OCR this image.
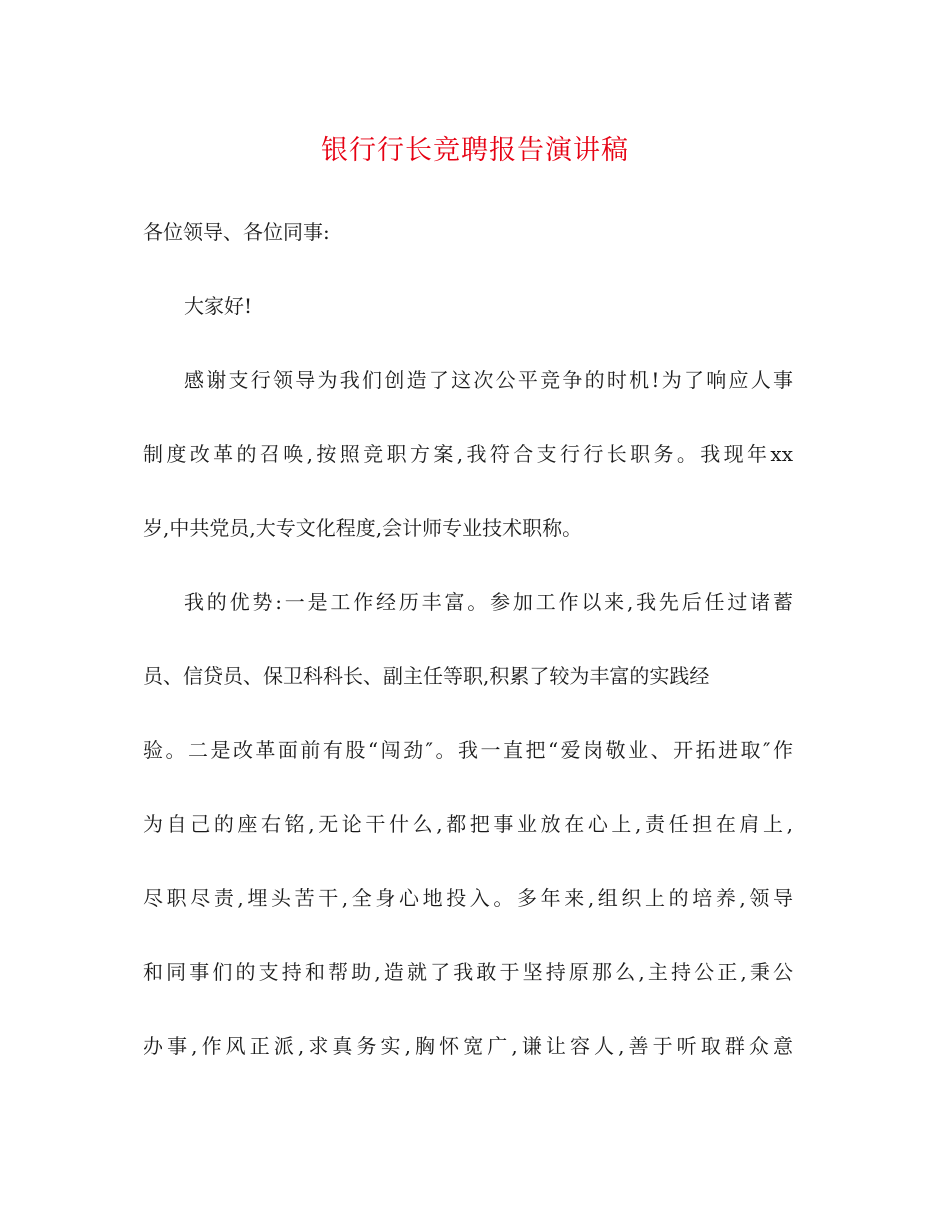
银行行长竞聘报告演讲稿
各位领导、各位同事:
大家好!
感谢支行领导为我们创造了这次公平竞争的时机!为了响应人事
制度改革的召唤,按照竞职方案,我符合支行行长职务。我现年xx
岁,中共党员,大专文化程度,会计师专业技术职称。
我的优势:一是工作经历丰富。参加工作以来,我先后任过诸蓄
员、信贷员、保卫科科长、副主任等职,积累了较为丰富的实践经
验。二是改革面前有股“闯劲″。我一直把“爱岗敬业、开拓进取″作
为自己的座右铭,无论干什么,都把事业放在心上,责任担在肩上,
尽职尽责,埋头苦干,全身心地投入。多年来,组织上的培养,领导
和同事们的支持和帮助,造就了我敢于坚持原那么,主持公正,秉公
办事,作风正派,求真务实,胸怀宽广,谦让容人,善于听取群众意
